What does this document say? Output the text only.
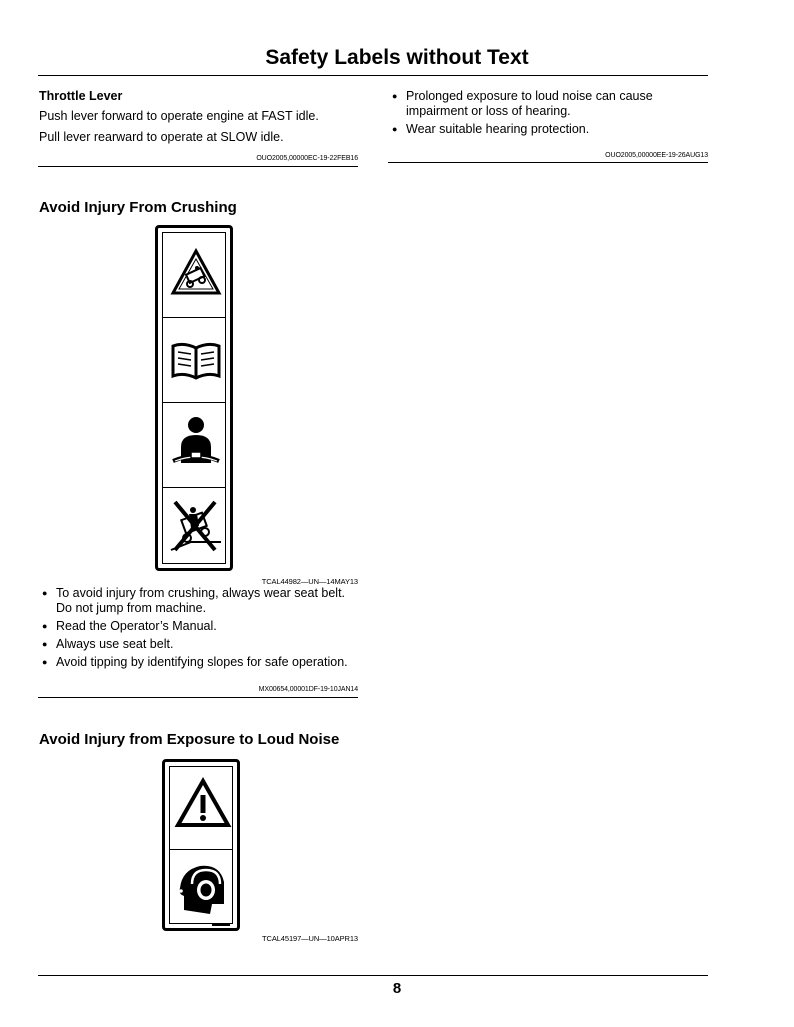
Safety Labels without Text
Throttle Lever
Push lever forward to operate engine at FAST idle.
Pull lever rearward to operate at SLOW idle.
OUO2005,00000EC-19-22FEB16
● Prolonged exposure to loud noise can cause impairment or loss of hearing.
● Wear suitable hearing protection.
OUO2005,00000EE-19-26AUG13
Avoid Injury From Crushing
TCAL44982—UN—14MAY13
● To avoid injury from crushing, always wear seat belt. Do not jump from machine.
● Read the Operator’s Manual.
● Always use seat belt.
● Avoid tipping by identifying slopes for safe operation.
MX00654,00001DF-19-10JAN14
Avoid Injury from Exposure to Loud Noise
TCAL45197—UN—10APR13
8
